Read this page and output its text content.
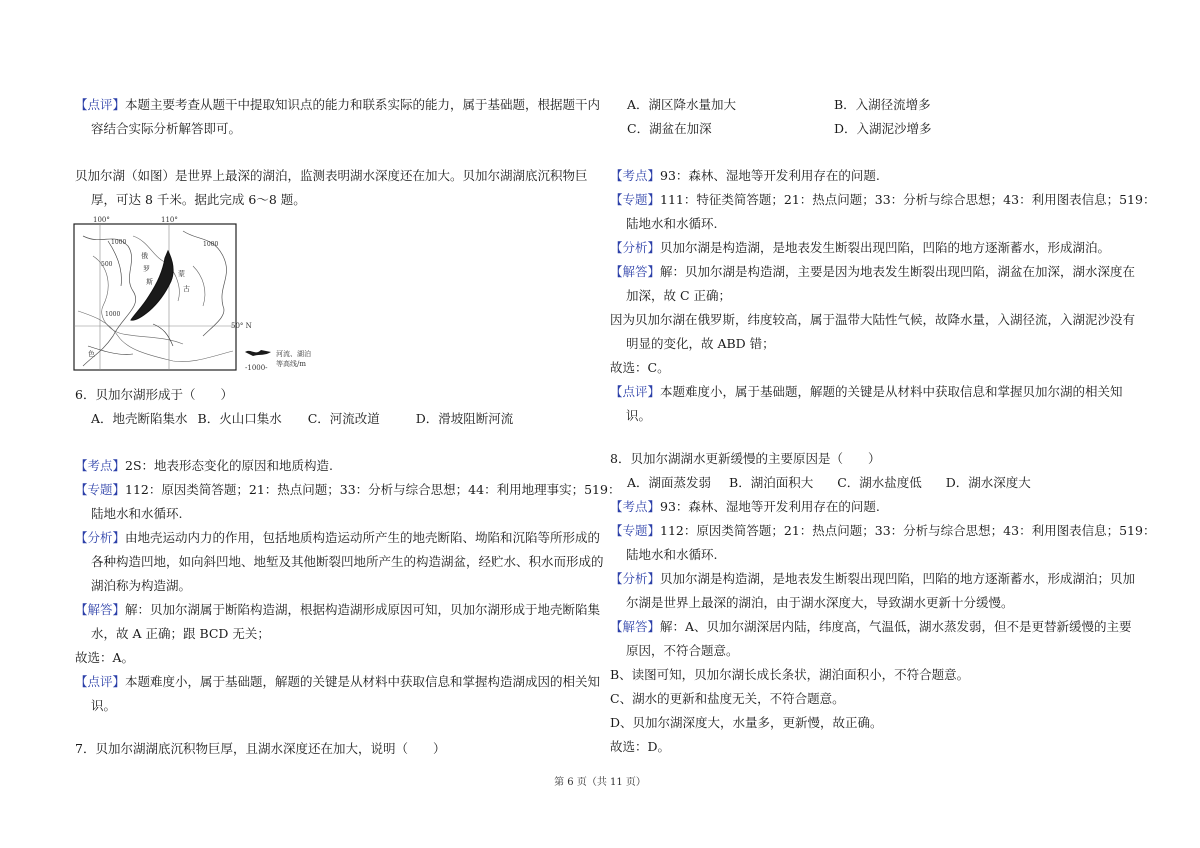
【点评】本题主要考查从题干中提取知识点的能力和联系实际的能力，属于基础题，根据题干内
容结合实际分析解答即可。
贝加尔湖（如图）是世界上最深的湖泊，监测表明湖水深度还在加大。贝加尔湖湖底沉积物巨
厚，可达 8 千米。据此完成 6～8 题。
100°	110°
50° N
俄
罗
斯
色
蒙
古
1000	1000
500
1000
河流、湖泊
-1000- 等高线/m
6．贝加尔湖形成于（　　）
A．地壳断陷集水 B．火山口集水 C．河流改道	D．滑坡阻断河流
【考点】2S：地表形态变化的原因和地质构造.
【专题】112：原因类简答题；21：热点问题；33：分析与综合思想；44：利用地理事实；519：
陆地水和水循环.
【分析】由地壳运动内力的作用，包括地质构造运动所产生的地壳断陷、坳陷和沉陷等所形成的
各种构造凹地，如向斜凹地、地堑及其他断裂凹地所产生的构造湖盆，经贮水、积水而形成的
湖泊称为构造湖。
【解答】解：贝加尔湖属于断陷构造湖，根据构造湖形成原因可知，贝加尔湖形成于地壳断陷集
水，故 A 正确；跟 BCD 无关；
故选：A。
【点评】本题难度小，属于基础题，解题的关键是从材料中获取信息和掌握构造湖成因的相关知
识。
7．贝加尔湖湖底沉积物巨厚，且湖水深度还在加大，说明（　　）
A．湖区降水量加大	B．入湖径流增多
C．湖盆在加深	D．入湖泥沙增多
【考点】93：森林、湿地等开发利用存在的问题.
【专题】111：特征类简答题；21：热点问题；33：分析与综合思想；43：利用图表信息；519：
陆地水和水循环.
【分析】贝加尔湖是构造湖，是地表发生断裂出现凹陷，凹陷的地方逐渐蓄水，形成湖泊。
【解答】解：贝加尔湖是构造湖，主要是因为地表发生断裂出现凹陷，湖盆在加深，湖水深度在
加深，故 C 正确；
因为贝加尔湖在俄罗斯，纬度较高，属于温带大陆性气候，故降水量，入湖径流，入湖泥沙没有
明显的变化，故 ABD 错；
故选：C。
【点评】本题难度小，属于基础题，解题的关键是从材料中获取信息和掌握贝加尔湖的相关知
识。
8．贝加尔湖湖水更新缓慢的主要原因是（　　）
A．湖面蒸发弱 B．湖泊面积大 C．湖水盐度低 D．湖水深度大
【考点】93：森林、湿地等开发利用存在的问题.
【专题】112：原因类简答题；21：热点问题；33：分析与综合思想；43：利用图表信息；519：
陆地水和水循环.
【分析】贝加尔湖是构造湖，是地表发生断裂出现凹陷，凹陷的地方逐渐蓄水，形成湖泊；贝加
尔湖是世界上最深的湖泊，由于湖水深度大，导致湖水更新十分缓慢。
【解答】解：A、贝加尔湖深居内陆，纬度高，气温低，湖水蒸发弱，但不是更替新缓慢的主要
原因，不符合题意。
B、读图可知，贝加尔湖长成长条状，湖泊面积小，不符合题意。
C、湖水的更新和盐度无关，不符合题意。
D、贝加尔湖深度大，水量多，更新慢，故正确。
故选：D。
第 6 页（共 11 页）
